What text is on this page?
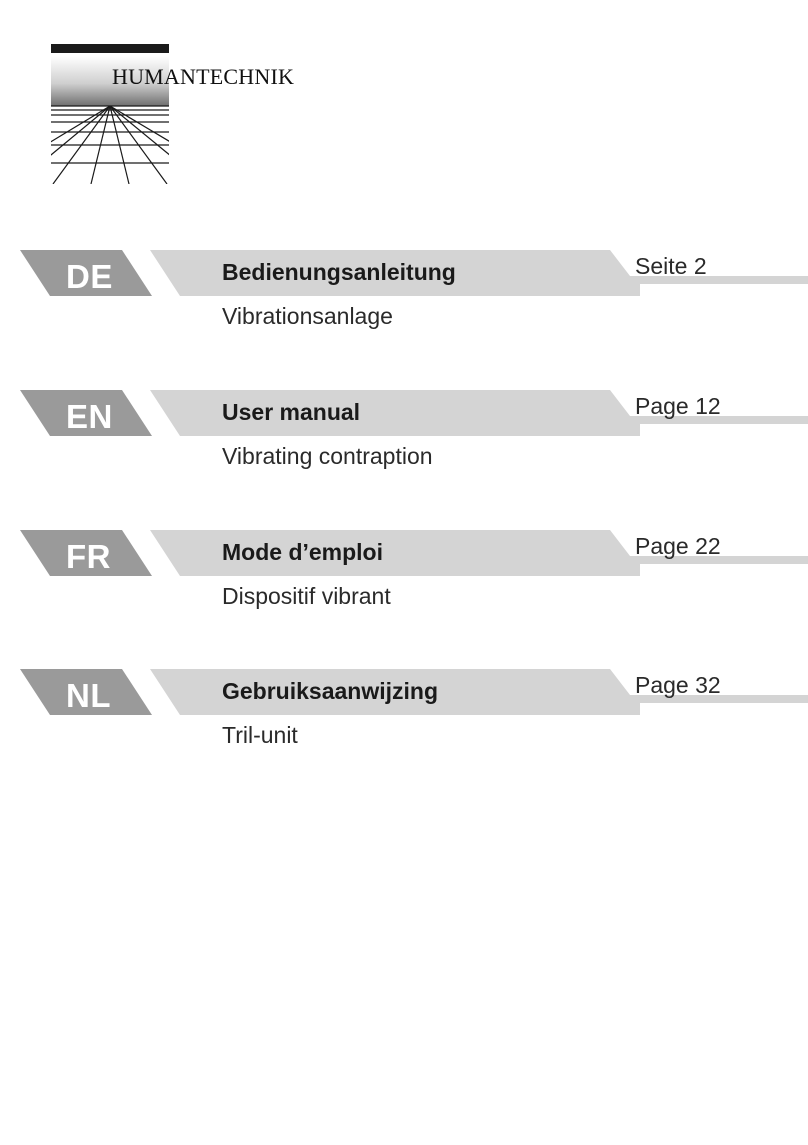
HUMANTECHNIK
DE	Bedienungsanleitung	Seite 2
Vibrationsanlage
EN	User manual	Page 12
Vibrating contraption
FR	Mode d’emploi	Page 22
Dispositif vibrant
NL	Gebruiksaanwijzing	Page 32
Tril-unit
